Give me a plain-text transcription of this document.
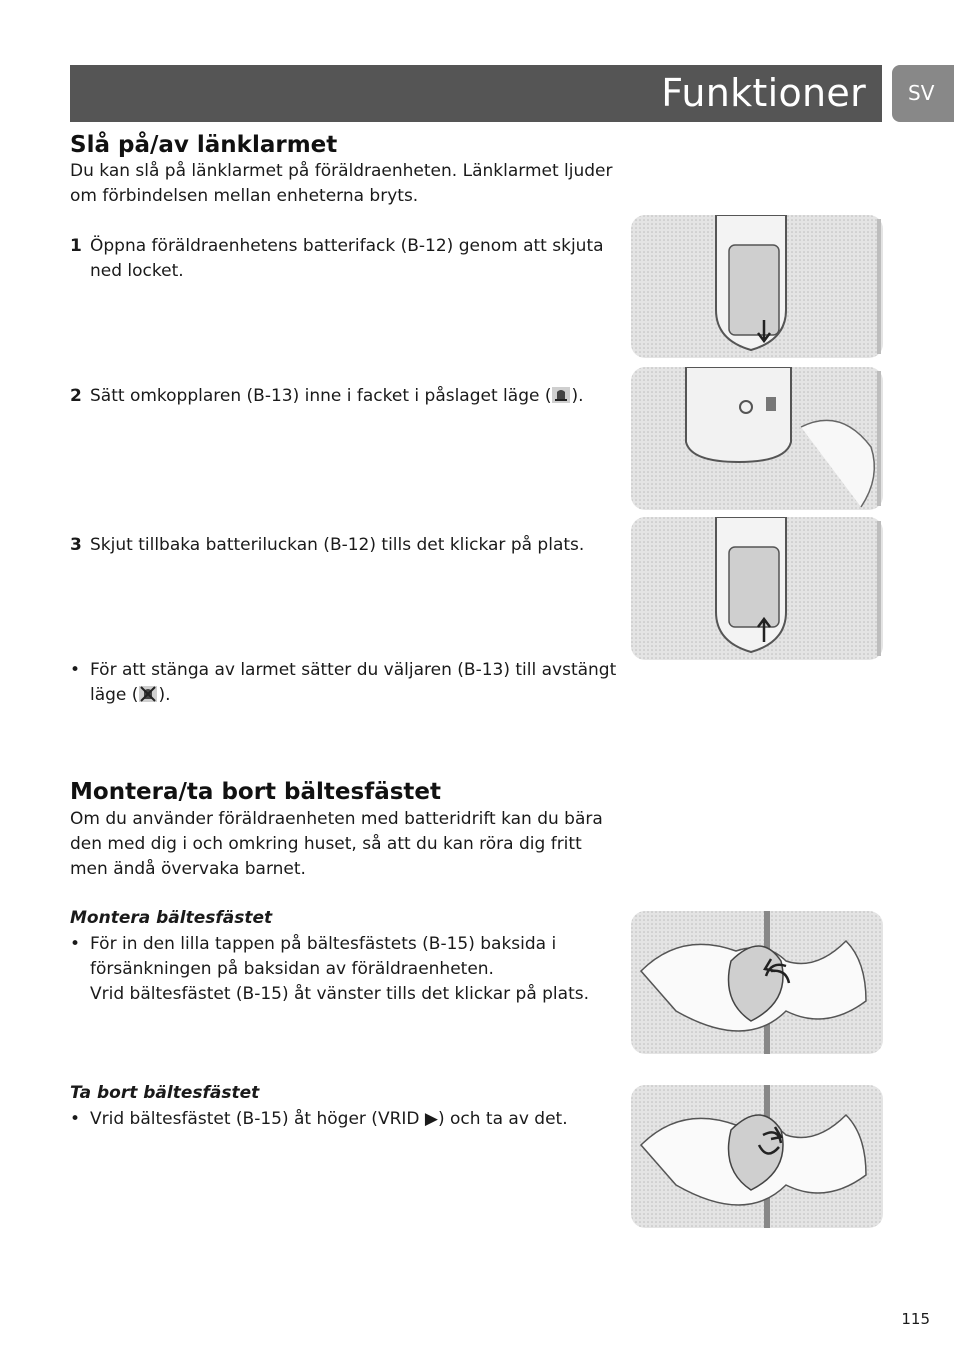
Funktioner SV
Slå på/av länklarmet
Du kan slå på länklarmet på föräldraenheten. Länklarmet ljuder
om förbindelsen mellan enheterna bryts.
1 Öppna föräldraenhetens batterifack (B-12) genom att skjuta
ned locket.
2 Sätt omkopplaren (B-13) inne i facket i påslaget läge ( ).
3 Skjut tillbaka batteriluckan (B-12) tills det klickar på plats.
• För att stänga av larmet sätter du väljaren (B-13) till avstängt
läge ( ).
Montera/ta bort bältesfästet
Om du använder föräldraenheten med batteridrift kan du bära
den med dig i och omkring huset, så att du kan röra dig fritt
men ändå övervaka barnet.
Montera bältesfästet
• För in den lilla tappen på bältesfästets (B-15) baksida i
försänkningen på baksidan av föräldraenheten.
Vrid bältesfästet (B-15) åt vänster tills det klickar på plats.
Ta bort bältesfästet
• Vrid bältesfästet (B-15) åt höger (VRID ▶) och ta av det.
115
